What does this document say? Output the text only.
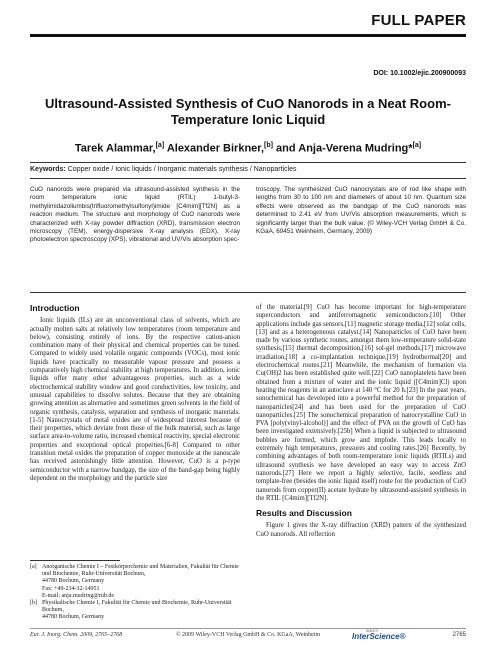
FULL PAPER
DOI: 10.1002/ejic.200900093
Ultrasound-Assisted Synthesis of CuO Nanorods in a Neat Room-Temperature Ionic Liquid
Tarek Alammar,[a] Alexander Birkner,[b] and Anja-Verena Mudring*[a]
Keywords: Copper oxide / Ionic liquids / Inorganic materials synthesis / Nanoparticles
CuO nanorods were prepared via ultrasound-assisted synthesis in the room temperature ionic liquid (RTIL) 1-butyl-3-methylimidazoliumbis(trifluoromethylsulfonyl)imide [C4mim][Tf2N] as a reaction medium. The structure and morphology of CuO nanorods were characterized with X-ray powder diffraction (XRD), transmission electron microscopy (TEM), energy-dispersive X-ray analysis (EDX), X-ray photoelectron spectroscopy (XPS), vibrational and UV/Vis absorption spec-
troscopy. The synthesized CuO nanocrystals are of rod like shape with lengths from 30 to 100 nm and diameters of about 10 nm. Quantum size effects were observed as the bandgap of the CuO nanorods was determined to 2.41 eV from UV/Vis absorption measurements, which is significantly larger than the bulk value. (© Wiley-VCH Verlag GmbH & Co. KGaA, 69451 Weinheim, Germany, 2009)
Introduction

Ionic liquids (ILs) are an unconventional class of solvents, which are actually molten salts at relatively low temperatures (room temperature and below), consisting entirely of ions. By the respective cation-anion combination many of their physical and chemical properties can be tuned. Compared to widely used volatile organic compounds (VOCs), most ionic liquids have practically no measurable vapour pressure and possess a comparatively high chemical stability at high temperatures. In addition, ionic liquids offer many other advantageous properties, such as a wide electrochemical stability window and good conductivities, low toxicity, and unusual capabilities to dissolve solutes. Because that they are obtaining growing attention as alternative and sometimes green solvents in the field of organic synthesis, catalysis, separation and synthesis of inorganic materials.[1-5] Nanocrystals of metal oxides are of widespread interest because of their properties, which deviate from those of the bulk material, such as large surface area-to-volume ratio, increased chemical reactivity, special electronic properties and exceptional optical properties.[6-8] Compared to other transition metal oxides the preparation of copper monoxide at the nanoscale has received astonishingly little attention. However, CuO is a p-type semiconductor with a narrow bandgap, the size of the band-gap being highly dependent on the morphology and the particle size

of the material.[9] CuO has become important for high-temperature superconductors and antiferromagnetic semiconductors.[10] Other applications include gas sensors,[11] magnetic storage media,[12] solar cells,[13] and as a heterogeneous catalyst.[14] Nanoparticles of CuO have been made by various synthetic routes, amongst them low-temperature solid-state synthesis,[15] thermal decomposition,[16] sol-gel methods,[17] microwave irradiation,[18] a co-implantation technique,[19] hydrothermal[20] and electrochemical routes.[21] Meanwhile, the mechanism of formation via Cu(OH)2 has been established quite well.[22] CuO nanoplatelets have been obtained from a mixture of water and the ionic liquid ([C4mim]Cl) upon heating the reagents in an autoclave at 140 °C for 20 h.[23] In the past years, sonochemical has developed into a powerful method for the preparation of nanoparticles[24] and has been used for the preparation of CuO nanoparticles.[25] The sonochemical preparation of nanocrystalline CuO in PVA [poly(vinyl-alcohol)] and the effect of PVA on the growth of CuO has been investigated extensively.[25b] When a liquid is subjected to ultrasound bubbles are formed, which grow and implode. This leads locally to extremely high temperatures, pressures and cooling rates.[26] Recently, by combining advantages of both room-temperature ionic liquids (RTILs) and ultrasound synthesis we have developed an easy way to access ZnO nanorods.[27] Here we report a highly selective, facile, seedless and template-free (besides the ionic liquid itself) route for the production of CuO nanorods from copper(II) acetate hydrate by ultrasound-assisted synthesis in the RTIL [C4mim][Tf2N].

Results and Discussion

Figure 1 gives the X-ray diffraction (XRD) pattern of the synthesized CuO nanorods. All reflection

[a] Anorganische Chemie I – Festkörperchemie und Materialien, Fakultät für Chemie und Biochemie, Ruhr-Universität Bochum,
44780 Bochum, Germany
Fax: +49-234-32-14951
E-mail: anja.mudring@rub.de
[b] Physikalische Chemie I, Fakultät für Chemie und Biochemie, Ruhr-Universität Bochum,
44780 Bochum, Germany
Eur. J. Inorg. Chem. 2009, 2765–2768	© 2009 Wiley-VCH Verlag GmbH & Co. KGaA, Weinheim
WILEY
InterScience®	2765
